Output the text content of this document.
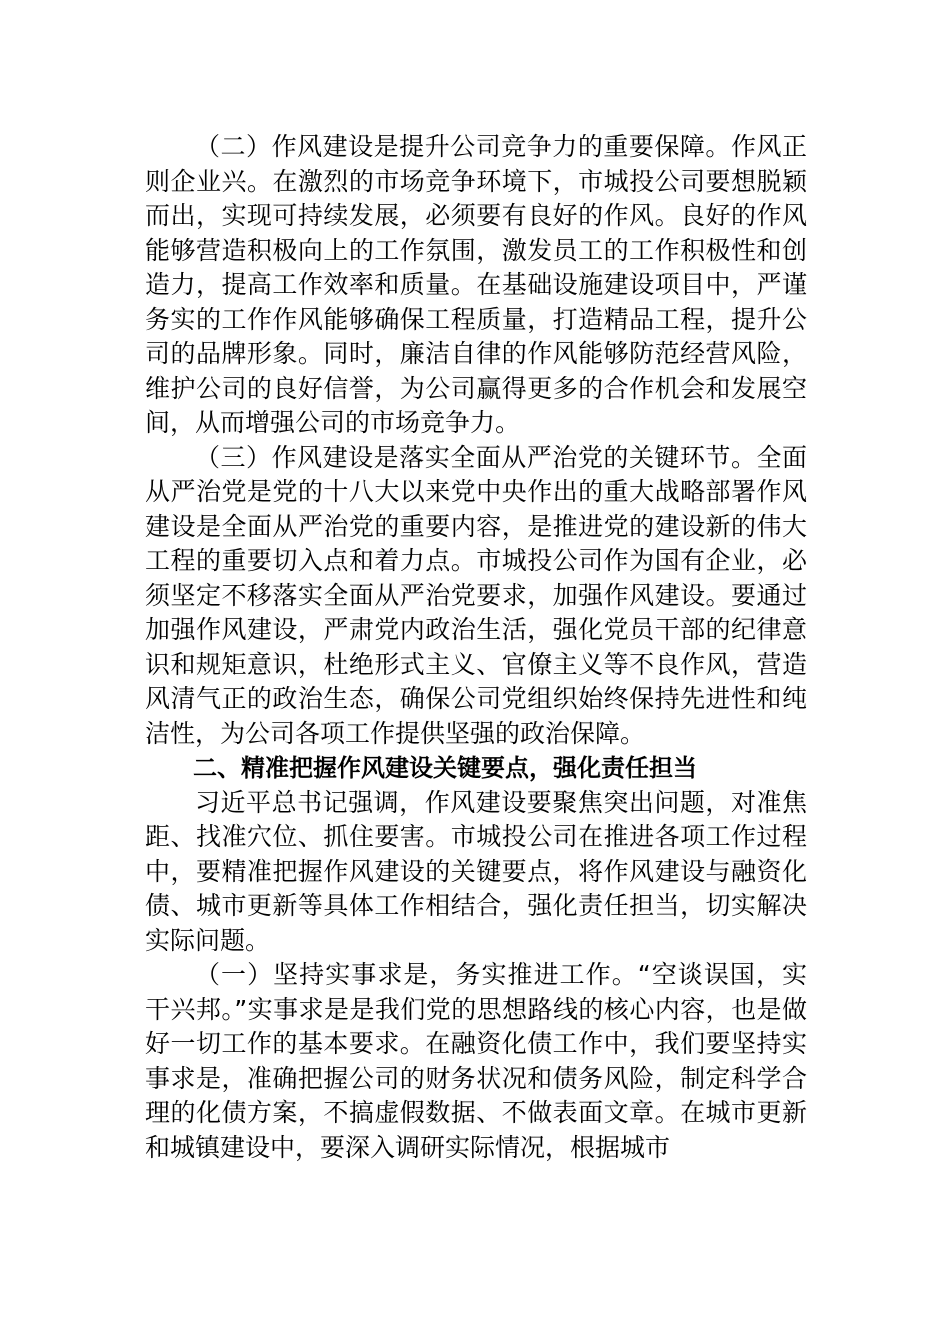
（二）作风建设是提升公司竞争力的重要保障。作风正则企业兴。在激烈的市场竞争环境下，市城投公司要想脱颖而出，实现可持续发展，必须要有良好的作风。良好的作风能够营造积极向上的工作氛围，激发员工的工作积极性和创造力，提高工作效率和质量。在基础设施建设项目中，严谨务实的工作作风能够确保工程质量，打造精品工程，提升公司的品牌形象。同时，廉洁自律的作风能够防范经营风险，维护公司的良好信誉，为公司赢得更多的合作机会和发展空间，从而增强公司的市场竞争力。

（三）作风建设是落实全面从严治党的关键环节。全面从严治党是党的十八大以来党中央作出的重大战略部署作风建设是全面从严治党的重要内容，是推进党的建设新的伟大工程的重要切入点和着力点。市城投公司作为国有企业，必须坚定不移落实全面从严治党要求，加强作风建设。要通过加强作风建设，严肃党内政治生活，强化党员干部的纪律意识和规矩意识，杜绝形式主义、官僚主义等不良作风，营造风清气正的政治生态，确保公司党组织始终保持先进性和纯洁性，为公司各项工作提供坚强的政治保障。

二、精准把握作风建设关键要点，强化责任担当

习近平总书记强调，作风建设要聚焦突出问题，对准焦距、找准穴位、抓住要害。市城投公司在推进各项工作过程中，要精准把握作风建设的关键要点，将作风建设与融资化债、城市更新等具体工作相结合，强化责任担当，切实解决实际问题。

（一）坚持实事求是，务实推进工作。“空谈误国，实干兴邦。”实事求是是我们党的思想路线的核心内容，也是做好一切工作的基本要求。在融资化债工作中，我们要坚持实事求是，准确把握公司的财务状况和债务风险，制定科学合理的化债方案，不搞虚假数据、不做表面文章。在城市更新和城镇建设中，要深入调研实际情况，根据城市
